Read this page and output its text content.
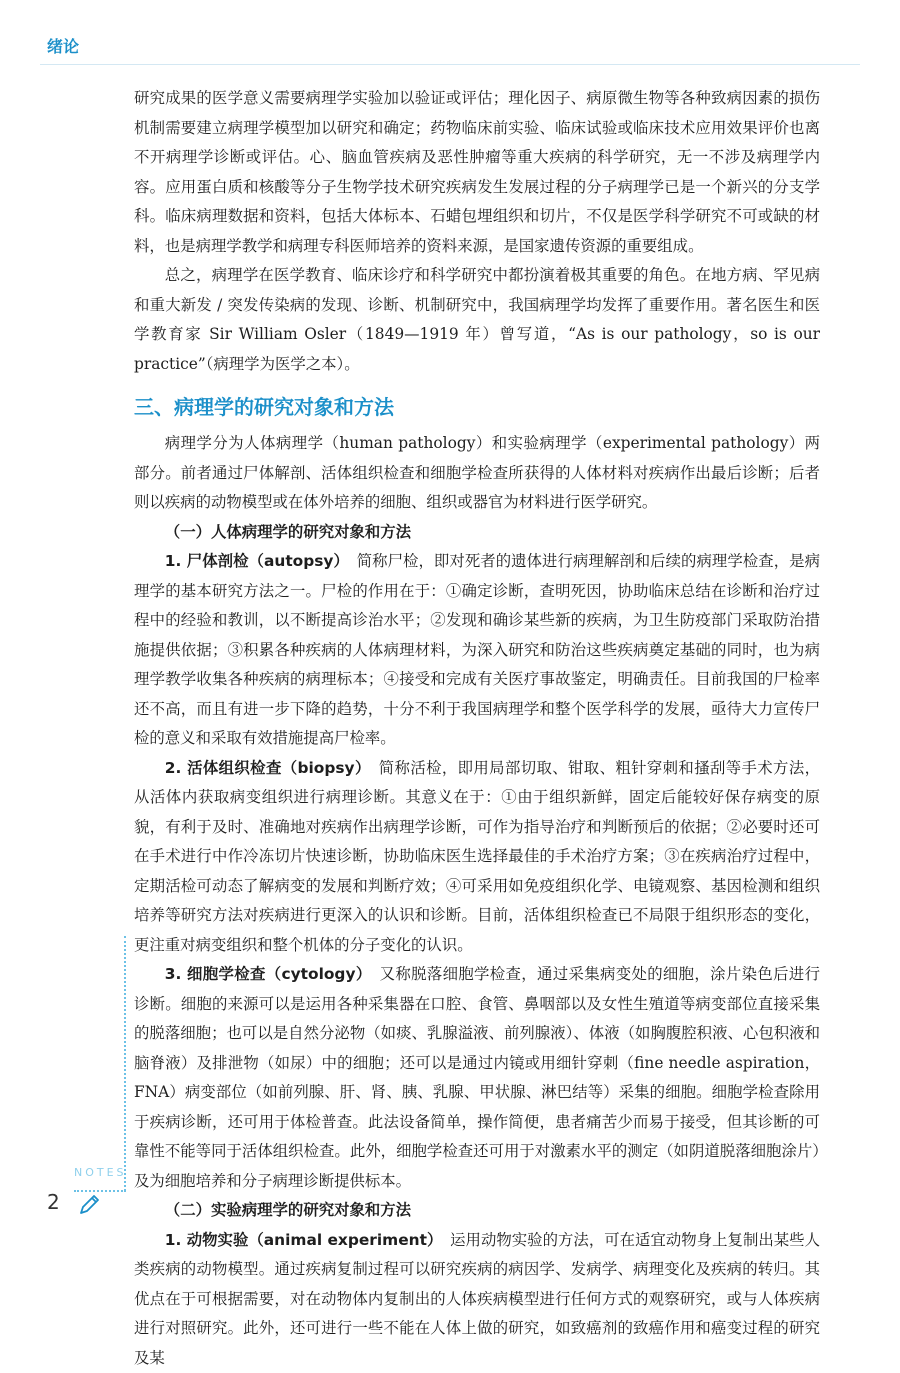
绪论

研究成果的医学意义需要病理学实验加以验证或评估；理化因子、病原微生物等各种致病因素的损伤机制需要建立病理学模型加以研究和确定；药物临床前实验、临床试验或临床技术应用效果评价也离不开病理学诊断或评估。心、脑血管疾病及恶性肿瘤等重大疾病的科学研究，无一不涉及病理学内容。应用蛋白质和核酸等分子生物学技术研究疾病发生发展过程的分子病理学已是一个新兴的分支学科。临床病理数据和资料，包括大体标本、石蜡包埋组织和切片，不仅是医学科学研究不可或缺的材料，也是病理学教学和病理专科医师培养的资料来源，是国家遗传资源的重要组成。

总之，病理学在医学教育、临床诊疗和科学研究中都扮演着极其重要的角色。在地方病、罕见病和重大新发 / 突发传染病的发现、诊断、机制研究中，我国病理学均发挥了重要作用。著名医生和医学教育家 Sir William Osler（1849—1919 年）曾写道，“As is our pathology，so is our practice”（病理学为医学之本）。

三、病理学的研究对象和方法

病理学分为人体病理学（human pathology）和实验病理学（experimental pathology）两部分。前者通过尸体解剖、活体组织检查和细胞学检查所获得的人体材料对疾病作出最后诊断；后者则以疾病的动物模型或在体外培养的细胞、组织或器官为材料进行医学研究。

（一）人体病理学的研究对象和方法

1. 尸体剖检（autopsy）　简称尸检，即对死者的遗体进行病理解剖和后续的病理学检查，是病理学的基本研究方法之一。尸检的作用在于：①确定诊断，查明死因，协助临床总结在诊断和治疗过程中的经验和教训，以不断提高诊治水平；②发现和确诊某些新的疾病，为卫生防疫部门采取防治措施提供依据；③积累各种疾病的人体病理材料，为深入研究和防治这些疾病奠定基础的同时，也为病理学教学收集各种疾病的病理标本；④接受和完成有关医疗事故鉴定，明确责任。目前我国的尸检率还不高，而且有进一步下降的趋势，十分不利于我国病理学和整个医学科学的发展，亟待大力宣传尸检的意义和采取有效措施提高尸检率。

2. 活体组织检查（biopsy）　简称活检，即用局部切取、钳取、粗针穿刺和搔刮等手术方法，从活体内获取病变组织进行病理诊断。其意义在于：①由于组织新鲜，固定后能较好保存病变的原貌，有利于及时、准确地对疾病作出病理学诊断，可作为指导治疗和判断预后的依据；②必要时还可在手术进行中作冷冻切片快速诊断，协助临床医生选择最佳的手术治疗方案；③在疾病治疗过程中，定期活检可动态了解病变的发展和判断疗效；④可采用如免疫组织化学、电镜观察、基因检测和组织培养等研究方法对疾病进行更深入的认识和诊断。目前，活体组织检查已不局限于组织形态的变化，更注重对病变组织和整个机体的分子变化的认识。

3. 细胞学检查（cytology）　又称脱落细胞学检查，通过采集病变处的细胞，涂片染色后进行诊断。细胞的来源可以是运用各种采集器在口腔、食管、鼻咽部以及女性生殖道等病变部位直接采集的脱落细胞；也可以是自然分泌物（如痰、乳腺溢液、前列腺液）、体液（如胸腹腔积液、心包积液和脑脊液）及排泄物（如尿）中的细胞；还可以是通过内镜或用细针穿刺（fine needle aspiration，FNA）病变部位（如前列腺、肝、肾、胰、乳腺、甲状腺、淋巴结等）采集的细胞。细胞学检查除用于疾病诊断，还可用于体检普查。此法设备简单，操作简便，患者痛苦少而易于接受，但其诊断的可靠性不能等同于活体组织检查。此外，细胞学检查还可用于对激素水平的测定（如阴道脱落细胞涂片）及为细胞培养和分子病理诊断提供标本。

（二）实验病理学的研究对象和方法

1. 动物实验（animal experiment）　运用动物实验的方法，可在适宜动物身上复制出某些人类疾病的动物模型。通过疾病复制过程可以研究疾病的病因学、发病学、病理变化及疾病的转归。其优点在于可根据需要，对在动物体内复制出的人体疾病模型进行任何方式的观察研究，或与人体疾病进行对照研究。此外，还可进行一些不能在人体上做的研究，如致癌剂的致癌作用和癌变过程的研究及某

NOTES
2
